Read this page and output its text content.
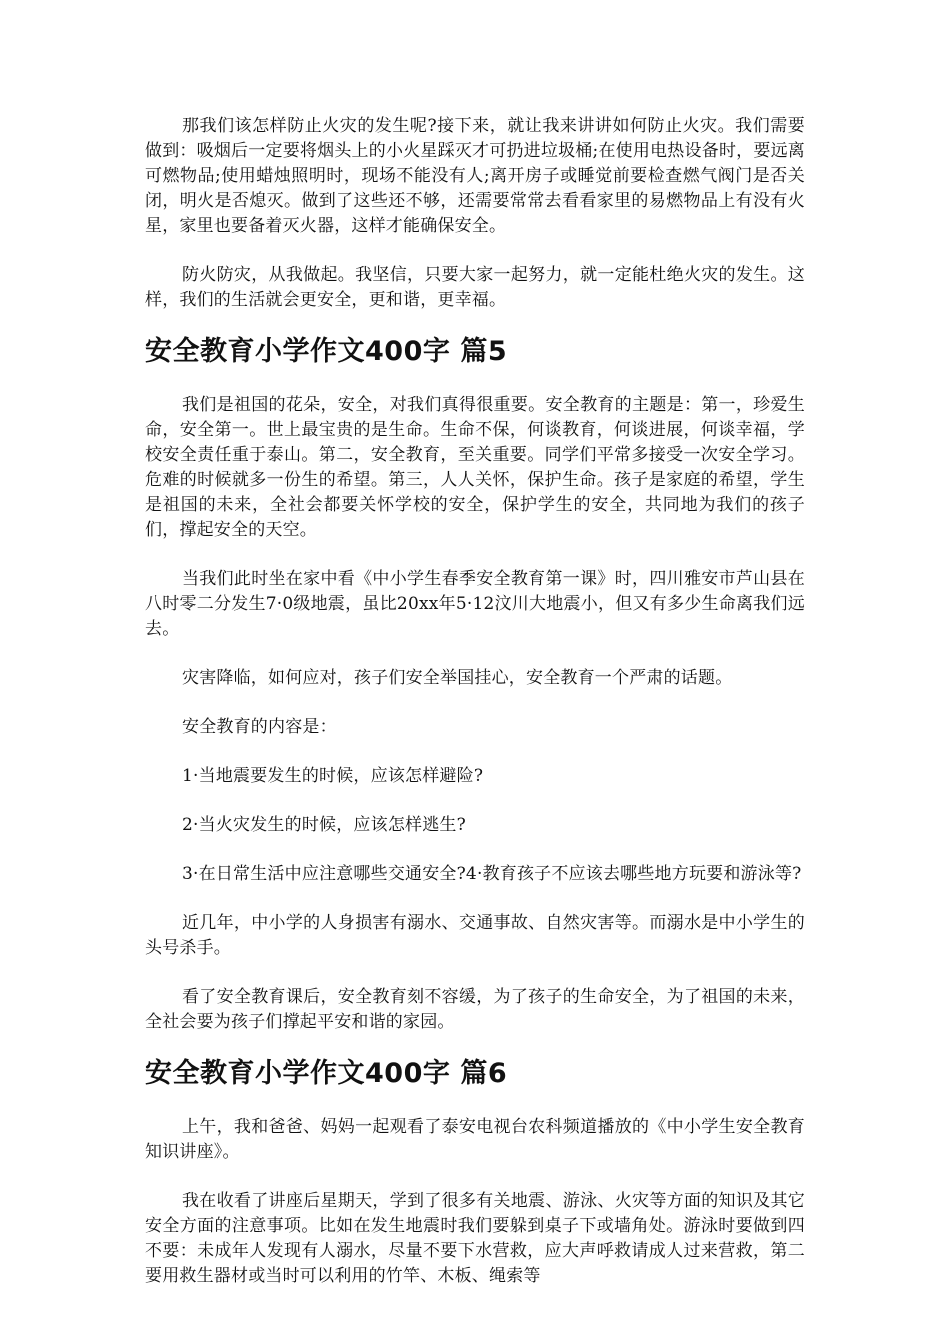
那我们该怎样防止火灾的发生呢?接下来，就让我来讲讲如何防止火灾。我们需要做到：吸烟后一定要将烟头上的小火星踩灭才可扔进垃圾桶;在使用电热设备时，要远离可燃物品;使用蜡烛照明时，现场不能没有人;离开房子或睡觉前要检查燃气阀门是否关闭，明火是否熄灭。做到了这些还不够，还需要常常去看看家里的易燃物品上有没有火星，家里也要备着灭火器，这样才能确保安全。

防火防灾，从我做起。我坚信，只要大家一起努力，就一定能杜绝火灾的发生。这样，我们的生活就会更安全，更和谐，更幸福。

安全教育小学作文400字 篇5

我们是祖国的花朵，安全，对我们真得很重要。安全教育的主题是：第一，珍爱生命，安全第一。世上最宝贵的是生命。生命不保，何谈教育，何谈进展，何谈幸福，学校安全责任重于泰山。第二，安全教育，至关重要。同学们平常多接受一次安全学习。危难的时候就多一份生的希望。第三，人人关怀，保护生命。孩子是家庭的希望，学生是祖国的未来，全社会都要关怀学校的安全，保护学生的安全，共同地为我们的孩子们，撑起安全的天空。

当我们此时坐在家中看《中小学生春季安全教育第一课》时，四川雅安市芦山县在八时零二分发生7·0级地震，虽比20xx年5·12汶川大地震小，但又有多少生命离我们远去。

灾害降临，如何应对，孩子们安全举国挂心，安全教育一个严肃的话题。

安全教育的内容是：

1·当地震要发生的时候，应该怎样避险?

2·当火灾发生的时候，应该怎样逃生?

3·在日常生活中应注意哪些交通安全?4·教育孩子不应该去哪些地方玩要和游泳等?

近几年，中小学的人身损害有溺水、交通事故、自然灾害等。而溺水是中小学生的头号杀手。

看了安全教育课后，安全教育刻不容缓，为了孩子的生命安全，为了祖国的未来，全社会要为孩子们撑起平安和谐的家园。

安全教育小学作文400字 篇6

上午，我和爸爸、妈妈一起观看了泰安电视台农科频道播放的《中小学生安全教育知识讲座》。

我在收看了讲座后星期天，学到了很多有关地震、游泳、火灾等方面的知识及其它安全方面的注意事项。比如在发生地震时我们要躲到桌子下或墙角处。游泳时要做到四不要：未成年人发现有人溺水，尽量不要下水营救，应大声呼救请成人过来营救，第二要用救生器材或当时可以利用的竹竿、木板、绳索等
